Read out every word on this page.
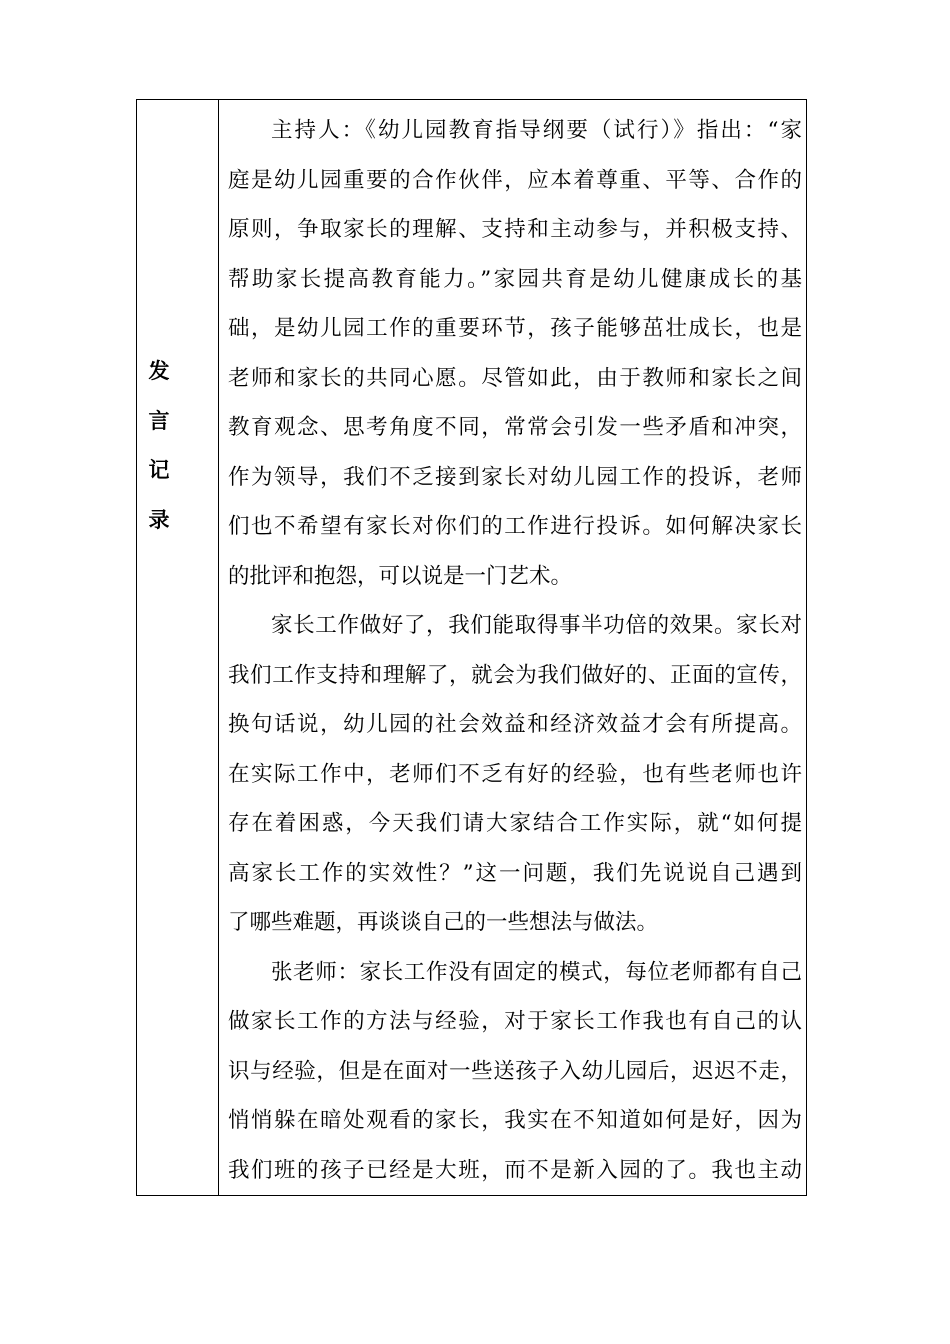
发
言
记
录
主持人：《幼儿园教育指导纲要（试行）》指出：“家
庭是幼儿园重要的合作伙伴，应本着尊重、平等、合作的
原则，争取家长的理解、支持和主动参与，并积极支持、
帮助家长提高教育能力。”家园共育是幼儿健康成长的基
础，是幼儿园工作的重要环节，孩子能够茁壮成长，也是
老师和家长的共同心愿。尽管如此，由于教师和家长之间
教育观念、思考角度不同，常常会引发一些矛盾和冲突，
作为领导，我们不乏接到家长对幼儿园工作的投诉，老师
们也不希望有家长对你们的工作进行投诉。如何解决家长
的批评和抱怨，可以说是一门艺术。
家长工作做好了，我们能取得事半功倍的效果。家长对
我们工作支持和理解了，就会为我们做好的、正面的宣传，
换句话说，幼儿园的社会效益和经济效益才会有所提高。
在实际工作中，老师们不乏有好的经验，也有些老师也许
存在着困惑，今天我们请大家结合工作实际，就“如何提
高家长工作的实效性？”这一问题，我们先说说自己遇到
了哪些难题，再谈谈自己的一些想法与做法。
张老师：家长工作没有固定的模式，每位老师都有自己
做家长工作的方法与经验，对于家长工作我也有自己的认
识与经验，但是在面对一些送孩子入幼儿园后，迟迟不走，
悄悄躲在暗处观看的家长，我实在不知道如何是好，因为
我们班的孩子已经是大班，而不是新入园的了。我也主动
